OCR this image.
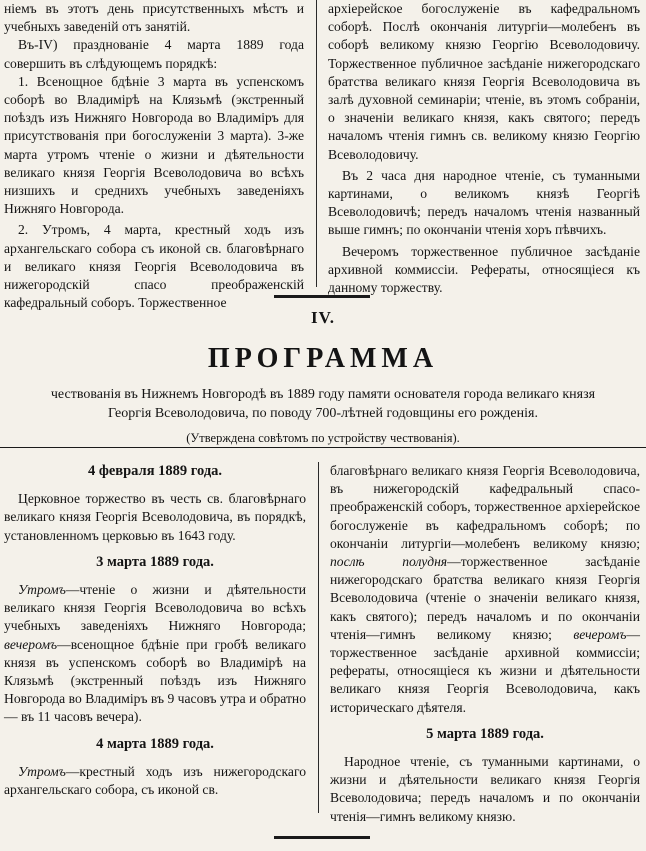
ніемъ въ этотъ день присутственныхъ мѣстъ и учебныхъ заведеній отъ занятій.

Въ-IV) празднованіе 4 марта 1889 года совершить въ слѣдующемъ порядкѣ:

1. Всенощное бдѣніе 3 марта въ успенскомъ соборѣ во Владимірѣ на Клязьмѣ (экстренный поѣздъ изъ Нижняго Новгорода во Владиміръ для присутствованія при богослуженіи 3 марта). 3-же марта утромъ чтеніе о жизни и дѣятельности великаго князя Георгія Всеволодовича во всѣхъ низшихъ и среднихъ учебныхъ заведеніяхъ Нижняго Новгорода.

2. Утромъ, 4 марта, крестный ходъ изъ архангельскаго собора съ иконой св. благовѣрнаго и великаго князя Георгія Всеволодовича въ нижегородскій спасо преображенскій кафедральный соборъ. Торжественное

архіерейское богослуженіе въ кафедральномъ соборѣ. Послѣ окончанія литургіи—молебенъ въ соборѣ великому князю Георгію Всеволодовичу. Торжественное публичное засѣданіе нижегородскаго братства великаго князя Георгія Всеволодовича въ залѣ духовной семинаріи; чтеніе, въ этомъ собраніи, о значеніи великаго князя, какъ святого; передъ началомъ чтенія гимнъ св. великому князю Георгію Всеволодовичу.

Въ 2 часа дня народное чтеніе, съ туманными картинами, о великомъ князѣ Георгіѣ Всеволодовичѣ; передъ началомъ чтенія названный выше гимнъ; по окончаніи чтенія хоръ пѣвчихъ.

Вечеромъ торжественное публичное засѣданіе архивной коммиссіи. Рефераты, относящіеся къ данному торжеству.

IV.
ПРОГРАММА
чествованія въ Нижнемъ Новгородѣ въ 1889 году памяти основателя города великаго князя Георгія Всеволодовича, по поводу 700-лѣтней годовщины его рожденія.
(Утверждена совѣтомъ по устройству чествованія).
4 февраля 1889 года.

Церковное торжество въ честь св. благовѣрнаго великаго князя Георгія Всеволодовича, въ порядкѣ, установленномъ церковью въ 1643 году.

3 марта 1889 года.

Утромъ—чтеніе о жизни и дѣятельности великаго князя Георгія Всеволодовича во всѣхъ учебныхъ заведеніяхъ Нижняго Новгорода; вечеромъ—всенощное бдѣніе при гробѣ великаго князя въ успенскомъ соборѣ во Владимірѣ на Клязьмѣ (экстренный поѣздъ изъ Нижняго Новгорода во Владиміръ въ 9 часовъ утра и обратно— въ 11 часовъ вечера).

4 марта 1889 года.

Утромъ—крестный ходъ изъ нижегородскаго архангельскаго собора, съ иконой св.

благовѣрнаго великаго князя Георгія Всеволодовича, въ нижегородскій кафедральный спасо-преображенскій соборъ, торжественное архіерейское богослуженіе въ кафедральномъ соборѣ; по окончаніи литургіи—молебенъ великому князю; послѣ полудня—торжественное засѣданіе нижегородскаго братства великаго князя Георгія Всеволодовича (чтеніе о значеніи великаго князя, какъ святого); передъ началомъ и по окончаніи чтенія—гимнъ великому князю; вечеромъ—торжественное засѣданіе архивной коммиссіи; рефераты, относящіеся къ жизни и дѣятельности великаго князя Георгія Всеволодовича, какъ историческаго дѣятеля.

5 марта 1889 года.

Народное чтеніе, съ туманными картинами, о жизни и дѣятельности великаго князя Георгія Всеволодовича; передъ началомъ и по окончаніи чтенія—гимнъ великому князю.
